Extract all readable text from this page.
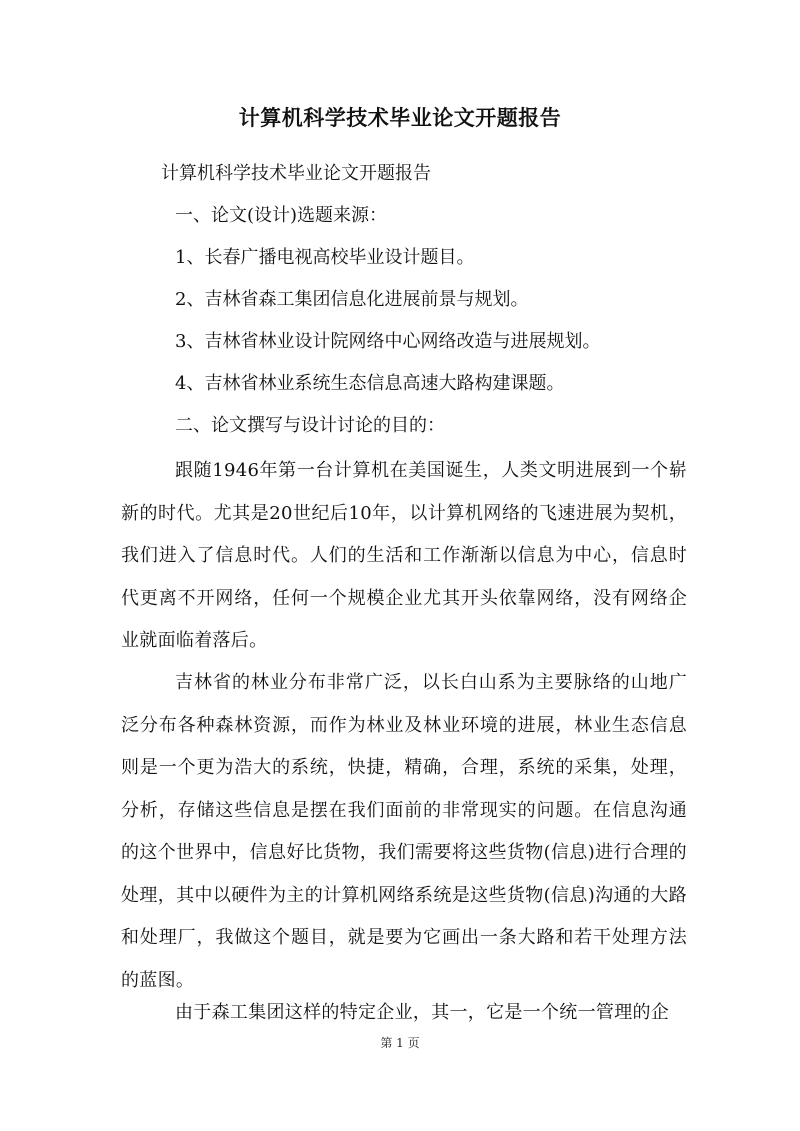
计算机科学技术毕业论文开题报告
计算机科学技术毕业论文开题报告
一、论文(设计)选题来源：
1、长春广播电视高校毕业设计题目。
2、吉林省森工集团信息化进展前景与规划。
3、吉林省林业设计院网络中心网络改造与进展规划。
4、吉林省林业系统生态信息高速大路构建课题。
二、论文撰写与设计讨论的目的：
跟随1946年第一台计算机在美国诞生，人类文明进展到一个崭新的时代。尤其是20世纪后10年，以计算机网络的飞速进展为契机，我们进入了信息时代。人们的生活和工作渐渐以信息为中心，信息时代更离不开网络，任何一个规模企业尤其开头依靠网络，没有网络企业就面临着落后。
吉林省的林业分布非常广泛，以长白山系为主要脉络的山地广泛分布各种森林资源，而作为林业及林业环境的进展，林业生态信息则是一个更为浩大的系统，快捷，精确，合理，系统的采集，处理，分析，存储这些信息是摆在我们面前的非常现实的问题。在信息沟通的这个世界中，信息好比货物，我们需要将这些货物(信息)进行合理的处理，其中以硬件为主的计算机网络系统是这些货物(信息)沟通的大路和处理厂，我做这个题目，就是要为它画出一条大路和若干处理方法的蓝图。
由于森工集团这样的特定企业，其一，它是一个统一管理的企
第 1 页
